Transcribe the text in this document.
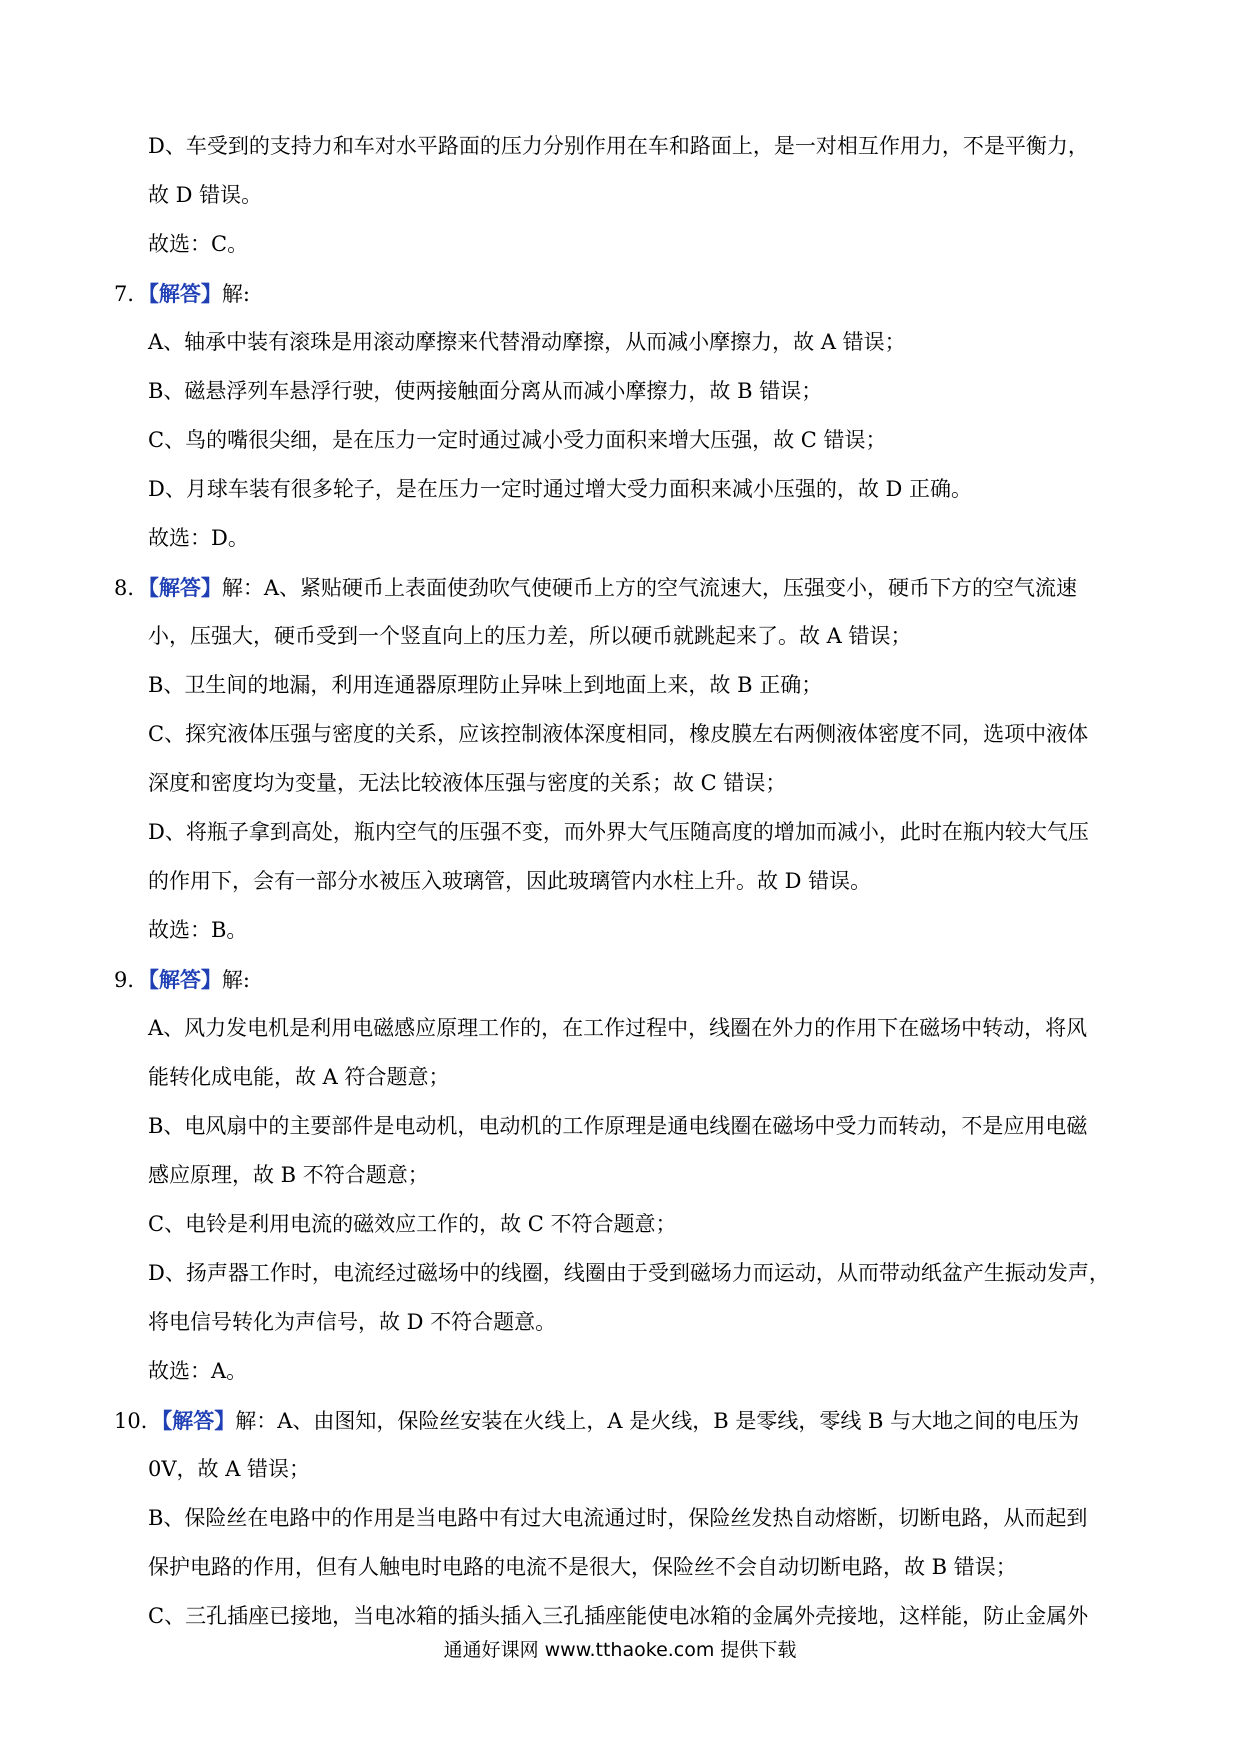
D、车受到的支持力和车对水平路面的压力分别作用在车和路面上，是一对相互作用力，不是平衡力，
故 D 错误。
故选：C。
7．【解答】解:
A、轴承中装有滚珠是用滚动摩擦来代替滑动摩擦，从而减小摩擦力，故 A 错误；
B、磁悬浮列车悬浮行驶，使两接触面分离从而减小摩擦力，故 B 错误；
C、鸟的嘴很尖细，是在压力一定时通过减小受力面积来增大压强，故 C 错误；
D、月球车装有很多轮子，是在压力一定时通过增大受力面积来减小压强的，故 D 正确。
故选：D。
8．【解答】解：A、紧贴硬币上表面使劲吹气使硬币上方的空气流速大，压强变小，硬币下方的空气流速
小，压强大，硬币受到一个竖直向上的压力差，所以硬币就跳起来了。故 A 错误；
B、卫生间的地漏，利用连通器原理防止异味上到地面上来，故 B 正确；
C、探究液体压强与密度的关系，应该控制液体深度相同，橡皮膜左右两侧液体密度不同，选项中液体
深度和密度均为变量，无法比较液体压强与密度的关系；故 C 错误；
D、将瓶子拿到高处，瓶内空气的压强不变，而外界大气压随高度的增加而减小，此时在瓶内较大气压
的作用下，会有一部分水被压入玻璃管，因此玻璃管内水柱上升。故 D 错误。
故选：B。
9．【解答】解:
A、风力发电机是利用电磁感应原理工作的，在工作过程中，线圈在外力的作用下在磁场中转动，将风
能转化成电能，故 A 符合题意；
B、电风扇中的主要部件是电动机，电动机的工作原理是通电线圈在磁场中受力而转动，不是应用电磁
感应原理，故 B 不符合题意；
C、电铃是利用电流的磁效应工作的，故 C 不符合题意；
D、扬声器工作时，电流经过磁场中的线圈，线圈由于受到磁场力而运动，从而带动纸盆产生振动发声，
将电信号转化为声信号，故 D 不符合题意。
故选：A。
10．【解答】解：A、由图知，保险丝安装在火线上，A 是火线，B 是零线，零线 B 与大地之间的电压为
0V，故 A 错误；
B、保险丝在电路中的作用是当电路中有过大电流通过时，保险丝发热自动熔断，切断电路，从而起到
保护电路的作用，但有人触电时电路的电流不是很大，保险丝不会自动切断电路，故 B 错误；
C、三孔插座已接地，当电冰箱的插头插入三孔插座能使电冰箱的金属外壳接地，这样能，防止金属外
通通好课网 www.tthaoke.com 提供下载
